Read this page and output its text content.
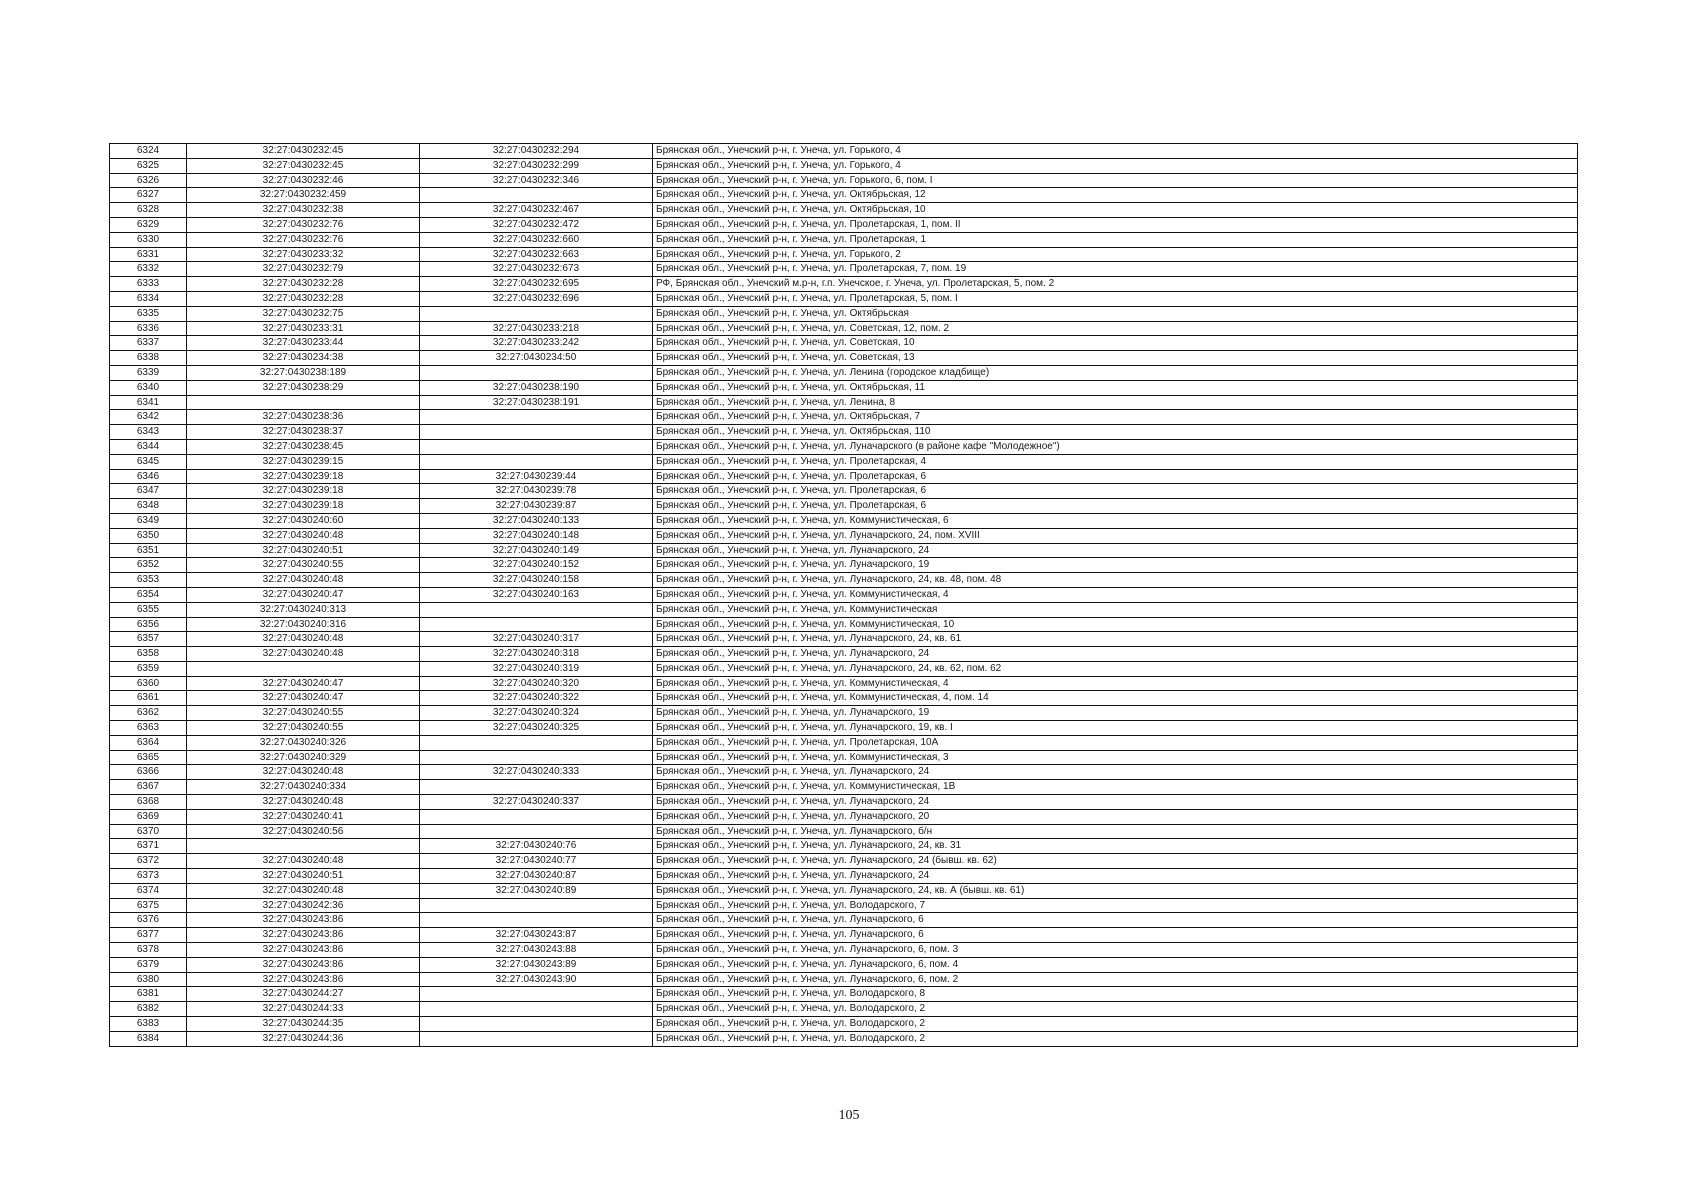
6324	32:27:0430232:45	32:27:0430232:294	Брянская обл., Унечский р-н, г. Унеча, ул. Горького, 4
6325	32:27:0430232:45	32:27:0430232:299	Брянская обл., Унечский р-н, г. Унеча, ул. Горького, 4
6326	32:27:0430232:46	32:27:0430232:346	Брянская обл., Унечский р-н, г. Унеча, ул. Горького, 6, пом. I
6327	32:27:0430232:459		Брянская обл., Унечский р-н, г. Унеча, ул. Октябрьская, 12
6328	32:27:0430232:38	32:27:0430232:467	Брянская обл., Унечский р-н, г. Унеча, ул. Октябрьская, 10
6329	32:27:0430232:76	32:27:0430232:472	Брянская обл., Унечский р-н, г. Унеча, ул. Пролетарская, 1, пом. II
6330	32:27:0430232:76	32:27:0430232:660	Брянская обл., Унечский р-н, г. Унеча, ул. Пролетарская, 1
6331	32:27:0430233:32	32:27:0430232:663	Брянская обл., Унечский р-н, г. Унеча, ул. Горького, 2
6332	32:27:0430232:79	32:27:0430232:673	Брянская обл., Унечский р-н, г. Унеча, ул. Пролетарская, 7, пом. 19
6333	32:27:0430232:28	32:27:0430232:695	РФ, Брянская обл., Унечский м.р-н, г.п. Унечское, г. Унеча, ул. Пролетарская, 5, пом. 2
6334	32:27:0430232:28	32:27:0430232:696	Брянская обл., Унечский р-н, г. Унеча, ул. Пролетарская, 5, пом. I
6335	32:27:0430232:75		Брянская обл., Унечский р-н, г. Унеча, ул. Октябрьская
6336	32:27:0430233:31	32:27:0430233:218	Брянская обл., Унечский р-н, г. Унеча, ул. Советская, 12, пом. 2
6337	32:27:0430233:44	32:27:0430233:242	Брянская обл., Унечский р-н, г. Унеча, ул. Советская, 10
6338	32:27:0430234:38	32:27:0430234:50	Брянская обл., Унечский р-н, г. Унеча, ул. Советская, 13
6339	32:27:0430238:189		Брянская обл., Унечский р-н, г. Унеча, ул. Ленина (городское кладбище)
6340	32:27:0430238:29	32:27:0430238:190	Брянская обл., Унечский р-н, г. Унеча, ул. Октябрьская, 11
6341		32:27:0430238:191	Брянская обл., Унечский р-н, г. Унеча, ул. Ленина, 8
6342	32:27:0430238:36		Брянская обл., Унечский р-н, г. Унеча, ул. Октябрьская, 7
6343	32:27:0430238:37		Брянская обл., Унечский р-н, г. Унеча, ул. Октябрьская, 110
6344	32:27:0430238:45		Брянская обл., Унечский р-н, г. Унеча, ул. Луначарского (в районе кафе "Молодежное")
6345	32:27:0430239:15		Брянская обл., Унечский р-н, г. Унеча, ул. Пролетарская, 4
6346	32:27:0430239:18	32:27:0430239:44	Брянская обл., Унечский р-н, г. Унеча, ул. Пролетарская, 6
6347	32:27:0430239:18	32:27:0430239:78	Брянская обл., Унечский р-н, г. Унеча, ул. Пролетарская, 6
6348	32:27:0430239:18	32:27:0430239:87	Брянская обл., Унечский р-н, г. Унеча, ул. Пролетарская, 6
6349	32:27:0430240:60	32:27:0430240:133	Брянская обл., Унечский р-н, г. Унеча, ул. Коммунистическая, 6
6350	32:27:0430240:48	32:27:0430240:148	Брянская обл., Унечский р-н, г. Унеча, ул. Луначарского, 24, пом. XVIII
6351	32:27:0430240:51	32:27:0430240:149	Брянская обл., Унечский р-н, г. Унеча, ул. Луначарского, 24
6352	32:27:0430240:55	32:27:0430240:152	Брянская обл., Унечский р-н, г. Унеча, ул. Луначарского, 19
6353	32:27:0430240:48	32:27:0430240:158	Брянская обл., Унечский р-н, г. Унеча, ул. Луначарского, 24, кв. 48, пом. 48
6354	32:27:0430240:47	32:27:0430240:163	Брянская обл., Унечский р-н, г. Унеча, ул. Коммунистическая, 4
6355	32:27:0430240:313		Брянская обл., Унечский р-н, г. Унеча, ул. Коммунистическая
6356	32:27:0430240:316		Брянская обл., Унечский р-н, г. Унеча, ул. Коммунистическая, 10
6357	32:27:0430240:48	32:27:0430240:317	Брянская обл., Унечский р-н, г. Унеча, ул. Луначарского, 24, кв. 61
6358	32:27:0430240:48	32:27:0430240:318	Брянская обл., Унечский р-н, г. Унеча, ул. Луначарского, 24
6359		32:27:0430240:319	Брянская обл., Унечский р-н, г. Унеча, ул. Луначарского, 24, кв. 62, пом. 62
6360	32:27:0430240:47	32:27:0430240:320	Брянская обл., Унечский р-н, г. Унеча, ул. Коммунистическая, 4
6361	32:27:0430240:47	32:27:0430240:322	Брянская обл., Унечский р-н, г. Унеча, ул. Коммунистическая, 4, пом. 14
6362	32:27:0430240:55	32:27:0430240:324	Брянская обл., Унечский р-н, г. Унеча, ул. Луначарского, 19
6363	32:27:0430240:55	32:27:0430240:325	Брянская обл., Унечский р-н, г. Унеча, ул. Луначарского, 19, кв. I
6364	32:27:0430240:326		Брянская обл., Унечский р-н, г. Унеча, ул. Пролетарская, 10А
6365	32:27:0430240:329		Брянская обл., Унечский р-н, г. Унеча, ул. Коммунистическая, 3
6366	32:27:0430240:48	32:27:0430240:333	Брянская обл., Унечский р-н, г. Унеча, ул. Луначарского, 24
6367	32:27:0430240:334		Брянская обл., Унечский р-н, г. Унеча, ул. Коммунистическая, 1В
6368	32:27:0430240:48	32:27:0430240:337	Брянская обл., Унечский р-н, г. Унеча, ул. Луначарского, 24
6369	32:27:0430240:41		Брянская обл., Унечский р-н, г. Унеча, ул. Луначарского, 20
6370	32:27:0430240:56		Брянская обл., Унечский р-н, г. Унеча, ул. Луначарского, б/н
6371		32:27:0430240:76	Брянская обл., Унечский р-н, г. Унеча, ул. Луначарского, 24, кв. 31
6372	32:27:0430240:48	32:27:0430240:77	Брянская обл., Унечский р-н, г. Унеча, ул. Луначарского, 24 (бывш. кв. 62)
6373	32:27:0430240:51	32:27:0430240:87	Брянская обл., Унечский р-н, г. Унеча, ул. Луначарского, 24
6374	32:27:0430240:48	32:27:0430240:89	Брянская обл., Унечский р-н, г. Унеча, ул. Луначарского, 24, кв. А (бывш. кв. 61)
6375	32:27:0430242:36		Брянская обл., Унечский р-н, г. Унеча, ул. Володарского, 7
6376	32:27:0430243:86		Брянская обл., Унечский р-н, г. Унеча, ул. Луначарского, 6
6377	32:27:0430243:86	32:27:0430243:87	Брянская обл., Унечский р-н, г. Унеча, ул. Луначарского, 6
6378	32:27:0430243:86	32:27:0430243:88	Брянская обл., Унечский р-н, г. Унеча, ул. Луначарского, 6, пом. 3
6379	32:27:0430243:86	32:27:0430243:89	Брянская обл., Унечский р-н, г. Унеча, ул. Луначарского, 6, пом. 4
6380	32:27:0430243:86	32:27:0430243:90	Брянская обл., Унечский р-н, г. Унеча, ул. Луначарского, 6, пом. 2
6381	32:27:0430244:27		Брянская обл., Унечский р-н, г. Унеча, ул. Володарского, 8
6382	32:27:0430244:33		Брянская обл., Унечский р-н, г. Унеча, ул. Володарского, 2
6383	32:27:0430244:35		Брянская обл., Унечский р-н, г. Унеча, ул. Володарского, 2
6384	32:27:0430244:36		Брянская обл., Унечский р-н, г. Унеча, ул. Володарского, 2
105
